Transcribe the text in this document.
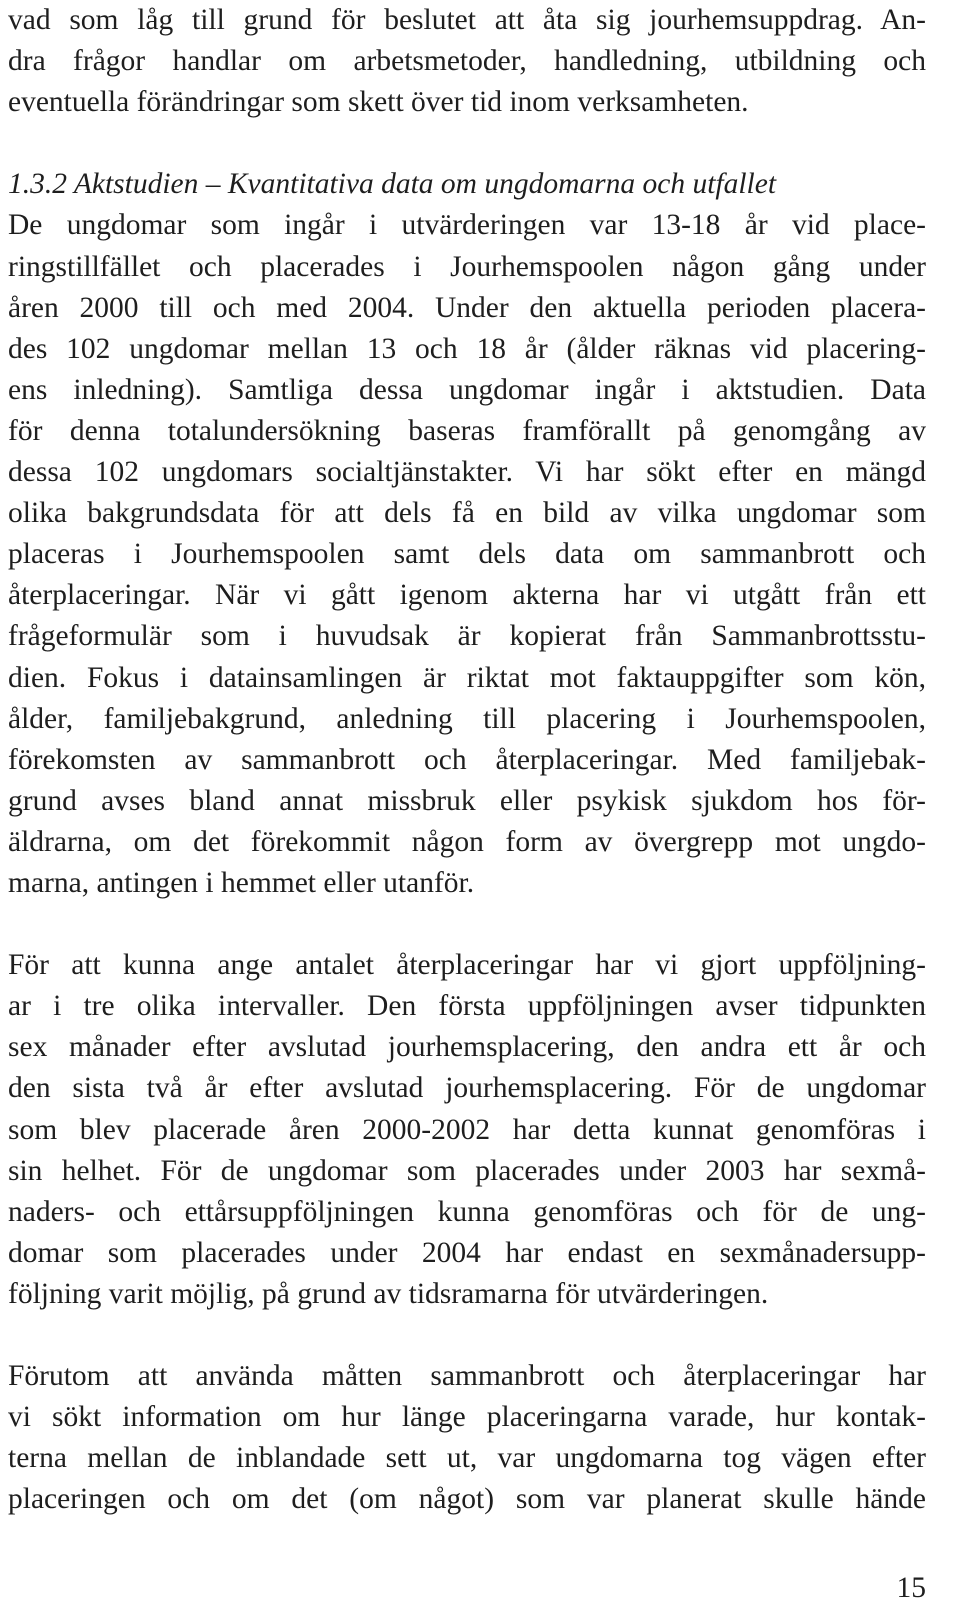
vad som låg till grund för beslutet att åta sig jourhemsuppdrag. An-
dra frågor handlar om arbetsmetoder, handledning, utbildning och
eventuella förändringar som skett över tid inom verksamheten.
1.3.2 Aktstudien – Kvantitativa data om ungdomarna och utfallet
De ungdomar som ingår i utvärderingen var 13-18 år vid place-
ringstillfället och placerades i Jourhemspoolen någon gång under
åren 2000 till och med 2004. Under den aktuella perioden placera-
des 102 ungdomar mellan 13 och 18 år (ålder räknas vid placering-
ens inledning). Samtliga dessa ungdomar ingår i aktstudien. Data
för denna totalundersökning baseras framförallt på genomgång av
dessa 102 ungdomars socialtjänstakter. Vi har sökt efter en mängd
olika bakgrundsdata för att dels få en bild av vilka ungdomar som
placeras i Jourhemspoolen samt dels data om sammanbrott och
återplaceringar. När vi gått igenom akterna har vi utgått från ett
frågeformulär som i huvudsak är kopierat från Sammanbrottsstu-
dien. Fokus i datainsamlingen är riktat mot faktauppgifter som kön,
ålder, familjebakgrund, anledning till placering i Jourhemspoolen,
förekomsten av sammanbrott och återplaceringar. Med familjebak-
grund avses bland annat missbruk eller psykisk sjukdom hos för-
äldrarna, om det förekommit någon form av övergrepp mot ungdo-
marna, antingen i hemmet eller utanför.
För att kunna ange antalet återplaceringar har vi gjort uppföljning-
ar i tre olika intervaller. Den första uppföljningen avser tidpunkten
sex månader efter avslutad jourhemsplacering, den andra ett år och
den sista två år efter avslutad jourhemsplacering. För de ungdomar
som blev placerade åren 2000-2002 har detta kunnat genomföras i
sin helhet. För de ungdomar som placerades under 2003 har sexmå-
naders- och ettårsuppföljningen kunna genomföras och för de ung-
domar som placerades under 2004 har endast en sexmånadersupp-
följning varit möjlig, på grund av tidsramarna för utvärderingen.
Förutom att använda måtten sammanbrott och återplaceringar har
vi sökt information om hur länge placeringarna varade, hur kontak-
terna mellan de inblandade sett ut, var ungdomarna tog vägen efter
placeringen och om det (om något) som var planerat skulle hände
15
